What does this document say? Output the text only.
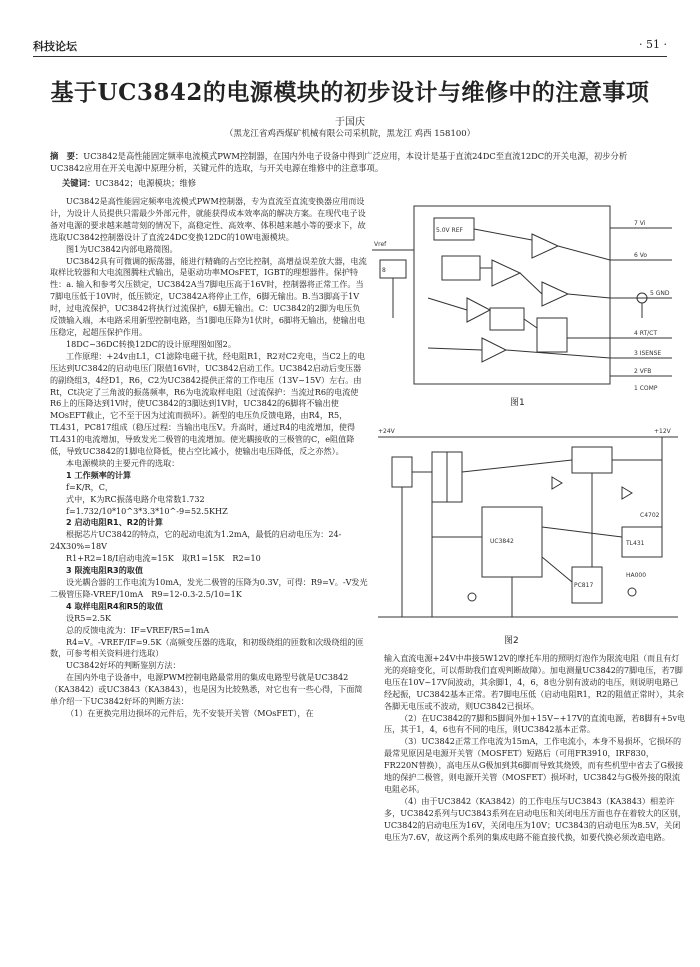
科技论坛	· 51 ·
基于UC3842的电源模块的初步设计与维修中的注意事项
于国庆
（黑龙江省鸡西煤矿机械有限公司采机院，黑龙江 鸡西 158100）
摘　要：UC3842是高性能固定频率电流模式PWM控制器，在国内外电子设备中得到广泛应用，本设计是基于直流24DC至直流12DC的开关电源，初步分析UC3842应用在开关电源中原理分析，关键元件的选取，与开关电源在维修中的注意事项。
关键词：UC3842；电源模块；维修

UC3842是高性能固定频率电流模式PWM控制器，专为直流至直流变换器应用而设计，为设计人员提供只需最少外部元件，就能获得成本效率高的解决方案。在现代电子设备对电源的要求越来越苛刻的情况下，高稳定性、高效率、体积越来越小等的要求下，故选取UC3842控制器设计了直流24DC变换12DC的10W电源模块。

图1为UC3842内部电路简图。

UC3842具有可微调的振荡器，能进行精确的占空比控制，高增益误差放大器，电流取样比较器和大电流图腾柱式输出，是驱动功率MOsFET，IGBT的理想器件。保护特性：a. 输入和参考欠压锁定，UC3842A当7脚电压高于16V时，控制器将正常工作。当7脚电压低于10V时，低压锁定，UC3842A将停止工作，6脚无输出。B.当3脚高于1V时，过电流保护，UC3842将执行过流保护，6脚无输出。C：UC3842的2脚为电压负反馈输入端，本电路采用新型控制电路，当1脚电压降为1伏时，6脚将无输出，使输出电压稳定，起超压保护作用。

18DC~36DC转换12DC的设计原理图如图2。

工作原理：+24v由L1，C1滤除电磁干扰，经电阻R1，R2对C2充电，当C2上的电压达到UC3842的启动电压门限值16V时，UC3842启动工作。UC3842启动后变压器的副绕组3，4经D1，R6，C2为UC3842提供正常的工作电压（13V~15V）左右。由Rt，Ct决定了三角波的振荡频率，R6为电流取样电阻（过流保护：当流过R6的电流使R6上的压降达到1V时，使UC3842的3脚达到1V时，UC3842的6脚将不输出使MOsEFT截止，它不至于因为过流而损坏）。新型的电压负反馈电路，由R4，R5，TL431，PC817组成（稳压过程：当输出电压V。升高时，通过R4的电流增加，使得TL431的电流增加，导致发光二极管的电流增加。使光耦接收的三极管的C，e阻值降低，导致UC3842的1脚电位降低，使占空比减小，使输出电压降低，反之亦然）。

本电源模块的主要元件的选取：

1 工作频率的计算

f=K/R，C，

式中，K为RC振荡电路介电常数1.732

f=1.732/10*10^3*3.3*10^-9=52.5KHZ

2 启动电阻R1、R2的计算

根据芯片UC3842的特点，它的起动电流为1.2mA，最低的启动电压为：24-24X30%=18V

R1+R2=18/I启动电流≈15K　取R1=15K　R2=10

3 限流电阻R3的取值

设光耦合器的工作电流为10mA，发光二极管的压降为0.3V，可得：R9=V。-V发光二极管压降-VREF/10mA　R9=12-0.3-2.5/10=1K

4 取样电阻R4和R5的取值

设R5=2.5K

总的反馈电流为：IF=VREF/R5=1mA

R4=V。-VREF/IF=9.5K（高频变压器的选取，和初级绕组的匝数和次级绕组的匝数，可参考相关资料进行选取）

UC3842好坏的判断鉴别方法：

在国内外电子设备中，电源PWM控制电路最常用的集成电路型号就是UC3842（KA3842）或UC3843（KA3843），也是因为比较熟悉，对它也有一些心得，下面简单介绍一下UC3842好坏的判断方法：

（1）在更换完用边损坏的元件后，先不安装开关管（MOsFET），在

Vref
7 Vi
6 Vo
5 GND
4 RT/CT
3 ISENSE
2 VFB
1 COMP
8
5.0V REF
图1
+24V	+12V
UC3842	TL431
PC817
C4702
HA000
图2

输入直流电源+24V中串接5W12V的摩托车用的照明灯泡作为限流电阻（而且有灯光的亮暗变化，可以帮助我们直观判断故障）。加电测量UC3842的7脚电压，若7脚电压在10V~17V间波动，其余脚1，4，6，8也分别有波动的电压，则说明电路已经起振，UC3842基本正常。若7脚电压低（启动电阻R1，R2的阻值正常时），其余各脚无电压或不波动，则UC3842已损坏。

（2）在UC3842的7脚和5脚间外加+15V~+17V的直流电源，若8脚有+5v电压，其于1，4，6也有不同的电压，则UC3842基本正常。

（3）UC3842正常工作电流为15mA，工作电流小，本身不易损坏，它损坏的最常见原因是电源开关管（MOSFET）短路后（可用FR3910，IRF830，FR220N替换），高电压从G极加到其6脚而导致其烧毁，而有些机型中省去了G极接地的保护二极管，则电源开关管（MOSFET）损坏时，UC3842与G极外接的限流电阻必坏。

（4）由于UC3842（KA3842）的工作电压与UC3843（KA3843）相差许多，UC3842系列与UC3843系列在启动电压和关闭电压方面也存在着较大的区别，UC3842的启动电压为16V，关闭电压为10V；UC3843的启动电压为8.5V，关闭电压为7.6V，故这两个系列的集成电路不能直接代换，如要代换必须改造电路。
